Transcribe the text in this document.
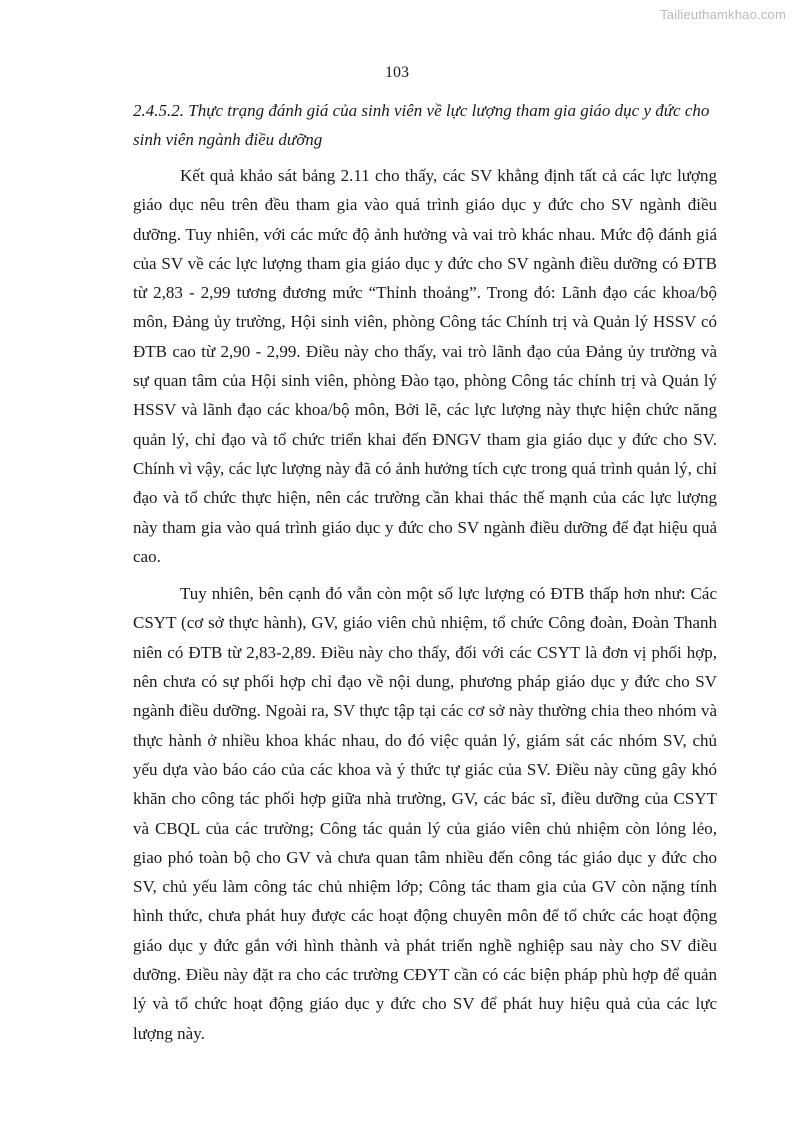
Tailieuthamkhao.com
103

2.4.5.2. Thực trạng đánh giá của sinh viên về lực lượng tham gia giáo dục y đức cho sinh viên ngành điều dưỡng

Kết quả khảo sát bảng 2.11 cho thấy, các SV khẳng định tất cả các lực lượng giáo dục nêu trên đều tham gia vào quá trình giáo dục y đức cho SV ngành điều dưỡng. Tuy nhiên, với các mức độ ảnh hưởng và vai trò khác nhau. Mức độ đánh giá của SV về các lực lượng tham gia giáo dục y đức cho SV ngành điều dưỡng có ĐTB từ 2,83 - 2,99 tương đương mức “Thỉnh thoảng”. Trong đó: Lãnh đạo các khoa/bộ môn, Đảng ủy trường, Hội sinh viên, phòng Công tác Chính trị và Quản lý HSSV có ĐTB cao từ 2,90 - 2,99. Điều này cho thấy, vai trò lãnh đạo của Đảng ủy trường và sự quan tâm của Hội sinh viên, phòng Đào tạo, phòng Công tác chính trị và Quản lý HSSV và lãnh đạo các khoa/bộ môn, Bởi lẽ, các lực lượng này thực hiện chức năng quản lý, chỉ đạo và tổ chức triển khai đến ĐNGV tham gia giáo dục y đức cho SV. Chính vì vậy, các lực lượng này đã có ảnh hưởng tích cực trong quá trình quản lý, chỉ đạo và tổ chức thực hiện, nên các trường cần khai thác thế mạnh của các lực lượng này tham gia vào quá trình giáo dục y đức cho SV ngành điều dưỡng để đạt hiệu quả cao.

Tuy nhiên, bên cạnh đó vẫn còn một số lực lượng có ĐTB thấp hơn như: Các CSYT (cơ sở thực hành), GV, giáo viên chủ nhiệm, tổ chức Công đoàn, Đoàn Thanh niên có ĐTB từ 2,83-2,89. Điều này cho thấy, đối với các CSYT là đơn vị phối hợp, nên chưa có sự phối hợp chỉ đạo về nội dung, phương pháp giáo dục y đức cho SV ngành điều dưỡng. Ngoài ra, SV thực tập tại các cơ sở này thường chia theo nhóm và thực hành ở nhiều khoa khác nhau, do đó việc quản lý, giám sát các nhóm SV, chủ yếu dựa vào báo cáo của các khoa và ý thức tự giác của SV. Điều này cũng gây khó khăn cho công tác phối hợp giữa nhà trường, GV, các bác sĩ, điều dưỡng của CSYT và CBQL của các trường; Công tác quản lý của giáo viên chủ nhiệm còn lỏng lẻo, giao phó toàn bộ cho GV và chưa quan tâm nhiều đến công tác giáo dục y đức cho SV, chủ yếu làm công tác chủ nhiệm lớp; Công tác tham gia của GV còn nặng tính hình thức, chưa phát huy được các hoạt động chuyên môn để tổ chức các hoạt động giáo dục y đức gắn với hình thành và phát triển nghề nghiệp sau này cho SV điều dưỡng. Điều này đặt ra cho các trường CĐYT cần có các biện pháp phù hợp để quản lý và tổ chức hoạt động giáo dục y đức cho SV để phát huy hiệu quả của các lực lượng này.
